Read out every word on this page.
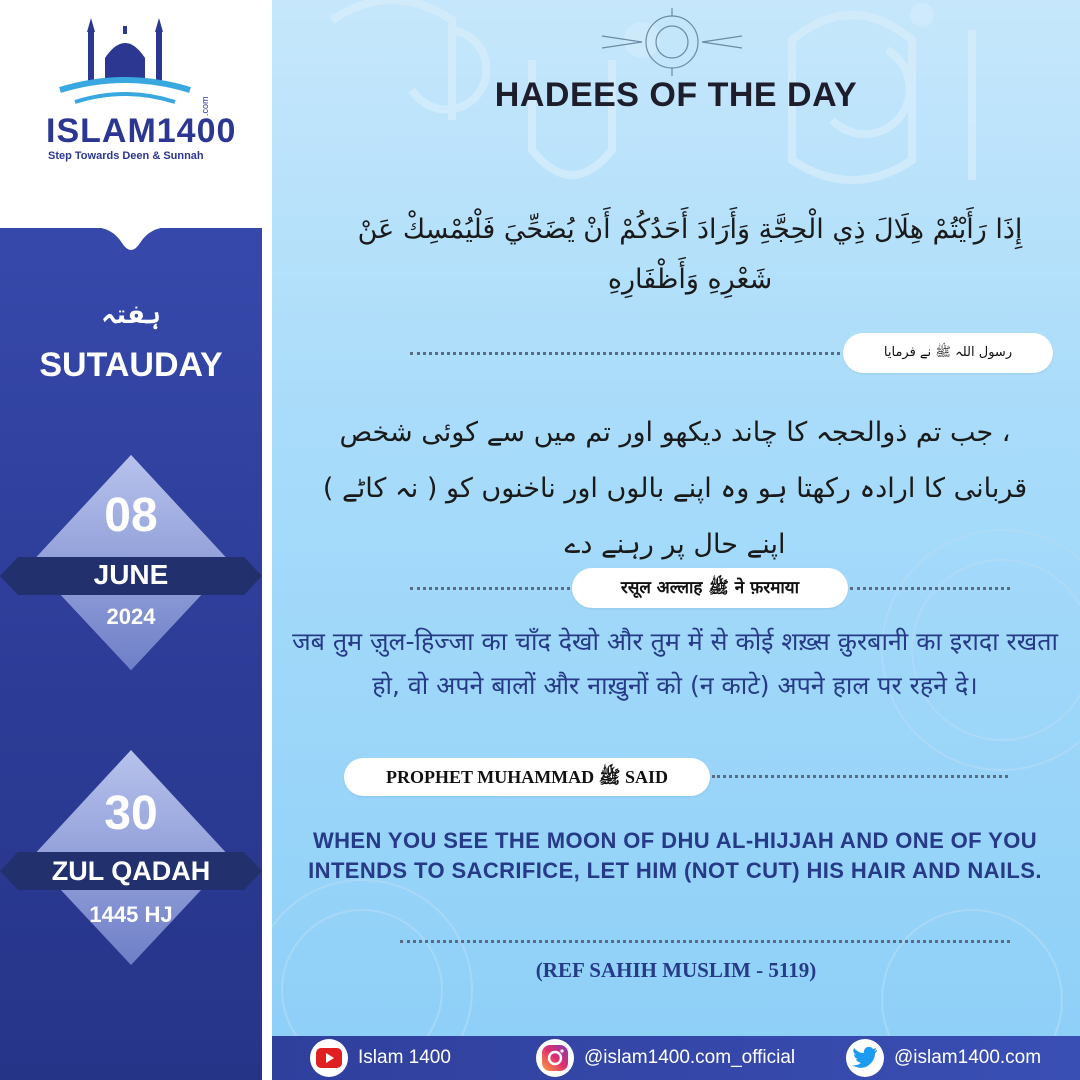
ISLAM1400
.com
Step Towards Deen & Sunnah
ہفتہ
SUTAUDAY
08
JUNE
2024
30
ZUL QADAH
1445 HJ
HADEES OF THE DAY
إِذَا رَأَيْتُمْ هِلَالَ ذِي الْحِجَّةِ وَأَرَادَ أَحَدُكُمْ أَنْ يُضَحِّيَ فَلْيُمْسِكْ عَنْ شَعْرِهِ وَأَظْفَارِهِ
رسول اللہ ﷺ نے فرمایا
، جب تم ذوالحجہ کا چاند دیکھو اور تم میں سے کوئی شخص قربانی کا ارادہ رکھتا ہو وہ اپنے بالوں اور ناخنوں کو ( نہ کاٹے ) اپنے حال پر رہنے دے
रसूल अल्लाह ﷺ ने फ़रमाया
जब तुम ज़ुल-हिज्जा का चाँद देखो और तुम में से कोई शख़्स क़ुरबानी का इरादा रखता हो, वो अपने बालों और नाख़ुनों को (न काटे) अपने हाल पर रहने दे।
PROPHET MUHAMMAD ﷺ SAID
WHEN YOU SEE THE MOON OF DHU AL-HIJJAH AND ONE OF YOU INTENDS TO SACRIFICE, LET HIM (NOT CUT) HIS HAIR AND NAILS.
(REF SAHIH MUSLIM - 5119)
Islam 1400	@islam1400.com_official	@islam1400.com
